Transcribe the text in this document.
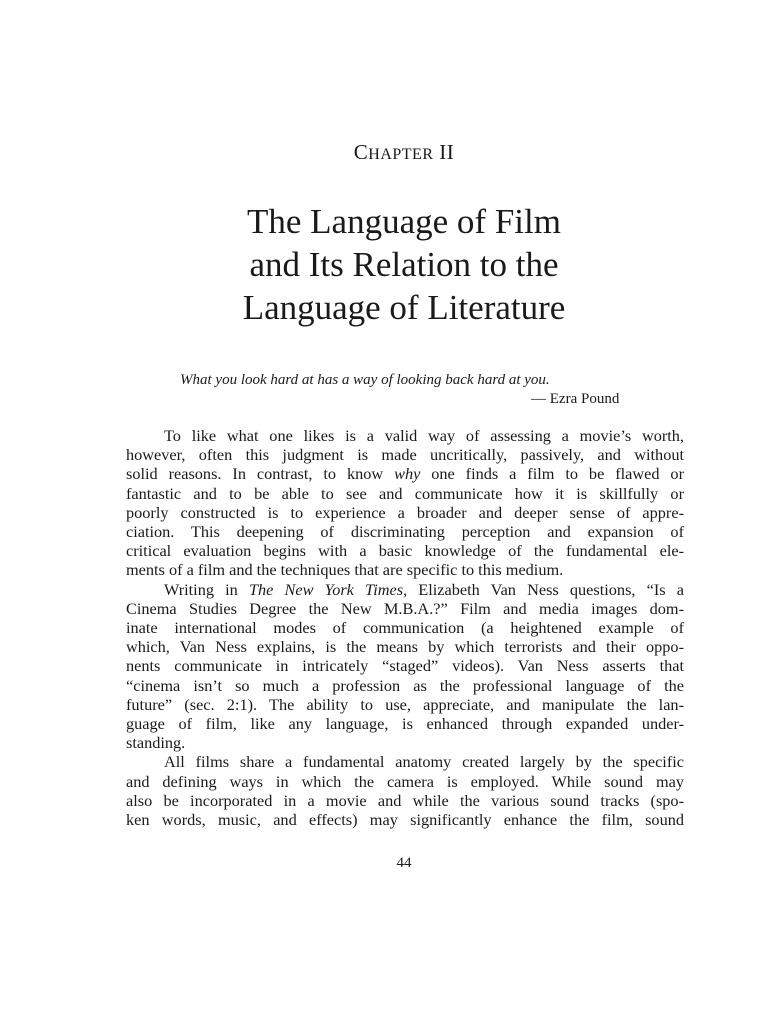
CHAPTER II
The Language of Film
and Its Relation to the
Language of Literature
What you look hard at has a way of looking back hard at you.
— Ezra Pound
To like what one likes is a valid way of assessing a movie’s worth,
however, often this judgment is made uncritically, passively, and without
solid reasons. In contrast, to know why one finds a film to be flawed or
fantastic and to be able to see and communicate how it is skillfully or
poorly constructed is to experience a broader and deeper sense of appre-
ciation. This deepening of discriminating perception and expansion of
critical evaluation begins with a basic knowledge of the fundamental ele-
ments of a film and the techniques that are specific to this medium.
Writing in The New York Times, Elizabeth Van Ness questions, “Is a
Cinema Studies Degree the New M.B.A.?” Film and media images dom-
inate international modes of communication (a heightened example of
which, Van Ness explains, is the means by which terrorists and their oppo-
nents communicate in intricately “staged” videos). Van Ness asserts that
“cinema isn’t so much a profession as the professional language of the
future” (sec. 2:1). The ability to use, appreciate, and manipulate the lan-
guage of film, like any language, is enhanced through expanded under-
standing.
All films share a fundamental anatomy created largely by the specific
and defining ways in which the camera is employed. While sound may
also be incorporated in a movie and while the various sound tracks (spo-
ken words, music, and effects) may significantly enhance the film, sound
44
